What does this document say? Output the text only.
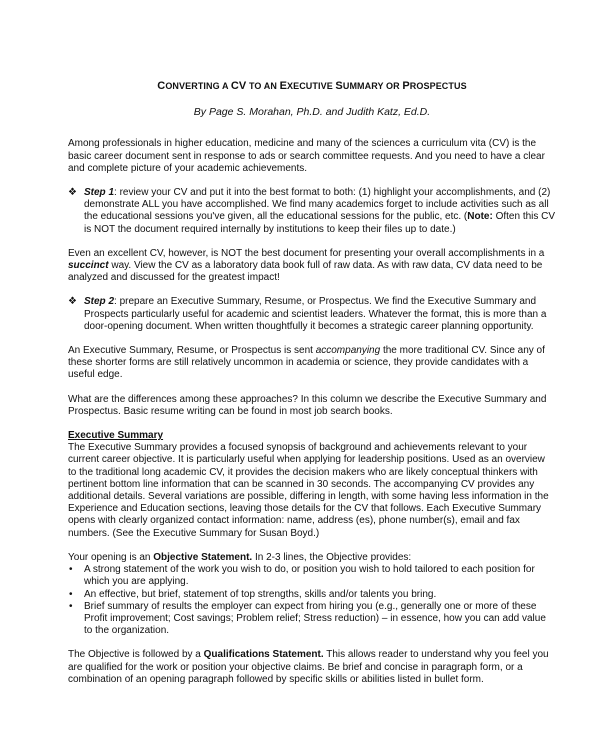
CONVERTING A CV TO AN EXECUTIVE SUMMARY OR PROSPECTUS
By Page S. Morahan, Ph.D. and Judith Katz, Ed.D.

Among professionals in higher education, medicine and many of the sciences a curriculum vita (CV) is the basic career document sent in response to ads or search committee requests. And you need to have a clear and complete picture of your academic achievements.

❖ Step 1: review your CV and put it into the best format to both: (1) highlight your accomplishments, and (2) demonstrate ALL you have accomplished. We find many academics forget to include activities such as all the educational sessions you've given, all the educational sessions for the public, etc. (Note: Often this CV is NOT the document required internally by institutions to keep their files up to date.)

Even an excellent CV, however, is NOT the best document for presenting your overall accomplishments in a succinct way. View the CV as a laboratory data book full of raw data. As with raw data, CV data need to be analyzed and discussed for the greatest impact!

❖ Step 2: prepare an Executive Summary, Resume, or Prospectus. We find the Executive Summary and Prospects particularly useful for academic and scientist leaders. Whatever the format, this is more than a door-opening document. When written thoughtfully it becomes a strategic career planning opportunity.

An Executive Summary, Resume, or Prospectus is sent accompanying the more traditional CV. Since any of these shorter forms are still relatively uncommon in academia or science, they provide candidates with a useful edge.

What are the differences among these approaches? In this column we describe the Executive Summary and Prospectus. Basic resume writing can be found in most job search books.

Executive Summary

The Executive Summary provides a focused synopsis of background and achievements relevant to your current career objective. It is particularly useful when applying for leadership positions. Used as an overview to the traditional long academic CV, it provides the decision makers who are likely conceptual thinkers with pertinent bottom line information that can be scanned in 30 seconds. The accompanying CV provides any additional details. Several variations are possible, differing in length, with some having less information in the Experience and Education sections, leaving those details for the CV that follows. Each Executive Summary opens with clearly organized contact information: name, address (es), phone number(s), email and fax numbers. (See the Executive Summary for Susan Boyd.)

Your opening is an Objective Statement. In 2-3 lines, the Objective provides:

• A strong statement of the work you wish to do, or position you wish to hold tailored to each position for which you are applying.
• An effective, but brief, statement of top strengths, skills and/or talents you bring.
• Brief summary of results the employer can expect from hiring you (e.g., generally one or more of these Profit improvement; Cost savings; Problem relief; Stress reduction) – in essence, how you can add value to the organization.

The Objective is followed by a Qualifications Statement. This allows reader to understand why you feel you are qualified for the work or position your objective claims. Be brief and concise in paragraph form, or a combination of an opening paragraph followed by specific skills or abilities listed in bullet form.
